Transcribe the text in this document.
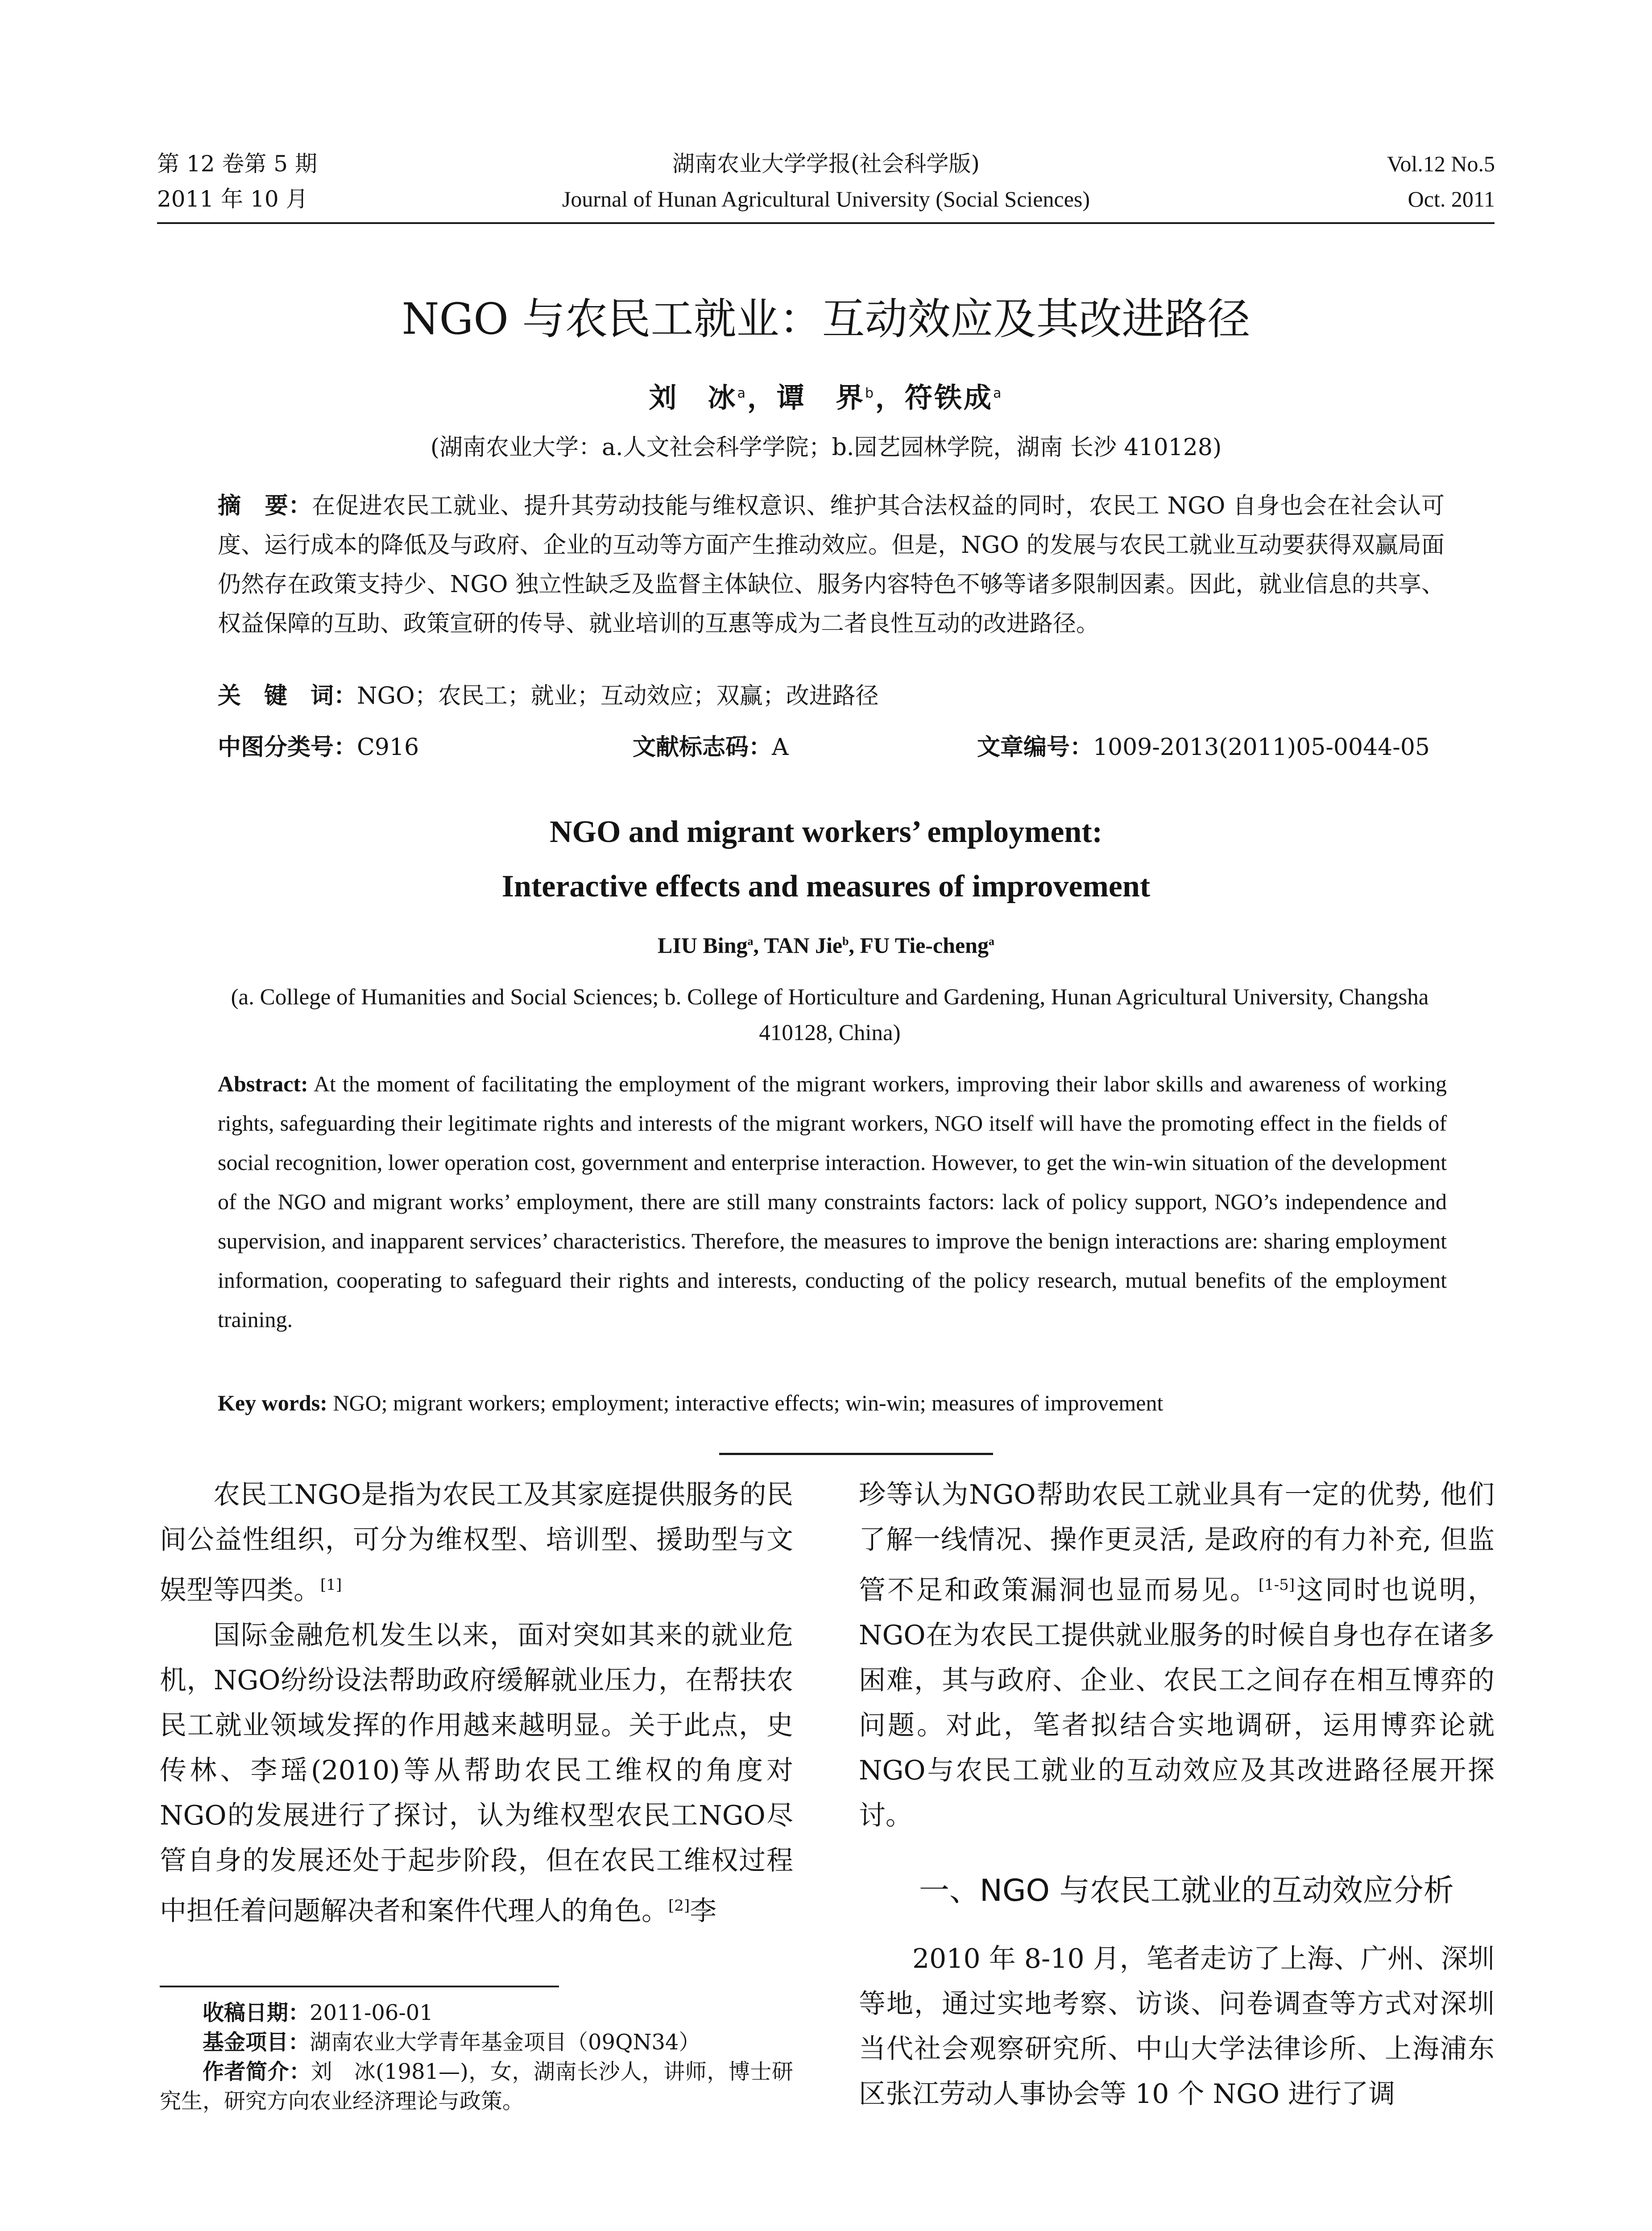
第 12 卷第 5 期
2011 年 10 月
湖南农业大学学报(社会科学版)
Journal of Hunan Agricultural University (Social Sciences)
Vol.12 No.5
Oct. 2011
NGO 与农民工就业：互动效应及其改进路径
刘　冰$^a$，谭　界$^b$，符铁成$^a$
(湖南农业大学：a.人文社会科学学院；b.园艺园林学院，湖南 长沙 410128)
摘　要：在促进农民工就业、提升其劳动技能与维权意识、维护其合法权益的同时，农民工 NGO 自身也会在社会认可度、运行成本的降低及与政府、企业的互动等方面产生推动效应。但是，NGO 的发展与农民工就业互动要获得双赢局面仍然存在政策支持少、NGO 独立性缺乏及监督主体缺位、服务内容特色不够等诸多限制因素。因此，就业信息的共享、权益保障的互助、政策宣研的传导、就业培训的互惠等成为二者良性互动的改进路径。
关　键　词：NGO；农民工；就业；互动效应；双赢；改进路径
中图分类号：C916	文献标志码：A	文章编号：1009-2013(2011)05-0044-05
NGO and migrant workers’ employment:
Interactive effects and measures of improvement
LIU Bing$^a$, TAN Jie$^b$, FU Tie-cheng$^a$
(a. College of Humanities and Social Sciences; b. College of Horticulture and Gardening, Hunan Agricultural University, Changsha 410128, China)
Abstract: At the moment of facilitating the employment of the migrant workers, improving their labor skills and awareness of working rights, safeguarding their legitimate rights and interests of the migrant workers, NGO itself will have the promoting effect in the fields of social recognition, lower operation cost, government and enterprise interaction. However, to get the win-win situation of the development of the NGO and migrant works’ employment, there are still many constraints factors: lack of policy support, NGO’s independence and supervision, and inapparent services’ characteristics. Therefore, the measures to improve the benign interactions are: sharing employment information, cooperating to safeguard their rights and interests, conducting of the policy research, mutual benefits of the employment training.
Key words: NGO; migrant workers; employment; interactive effects; win-win; measures of improvement

农民工NGO是指为农民工及其家庭提供服务的民间公益性组织，可分为维权型、培训型、援助型与文娱型等四类。[1]

国际金融危机发生以来，面对突如其来的就业危机，NGO纷纷设法帮助政府缓解就业压力，在帮扶农民工就业领域发挥的作用越来越明显。关于此点，史传林、李瑶(2010)等从帮助农民工维权的角度对NGO的发展进行了探讨，认为维权型农民工NGO尽管自身的发展还处于起步阶段，但在农民工维权过程中担任着问题解决者和案件代理人的角色。[2]李

收稿日期：2011-06-01
基金项目：湖南农业大学青年基金项目（09QN34）
作者简介：刘　冰(1981—)，女，湖南长沙人，讲师，博士研究生，研究方向农业经济理论与政策。

珍等认为NGO帮助农民工就业具有一定的优势, 他们了解一线情况、操作更灵活, 是政府的有力补充, 但监管不足和政策漏洞也显而易见。[1-5]这同时也说明，NGO在为农民工提供就业服务的时候自身也存在诸多困难，其与政府、企业、农民工之间存在相互博弈的问题。对此，笔者拟结合实地调研，运用博弈论就NGO与农民工就业的互动效应及其改进路径展开探讨。

一、NGO 与农民工就业的互动效应分析

2010 年 8-10 月，笔者走访了上海、广州、深圳等地，通过实地考察、访谈、问卷调查等方式对深圳当代社会观察研究所、中山大学法律诊所、上海浦东区张江劳动人事协会等 10 个 NGO 进行了调
